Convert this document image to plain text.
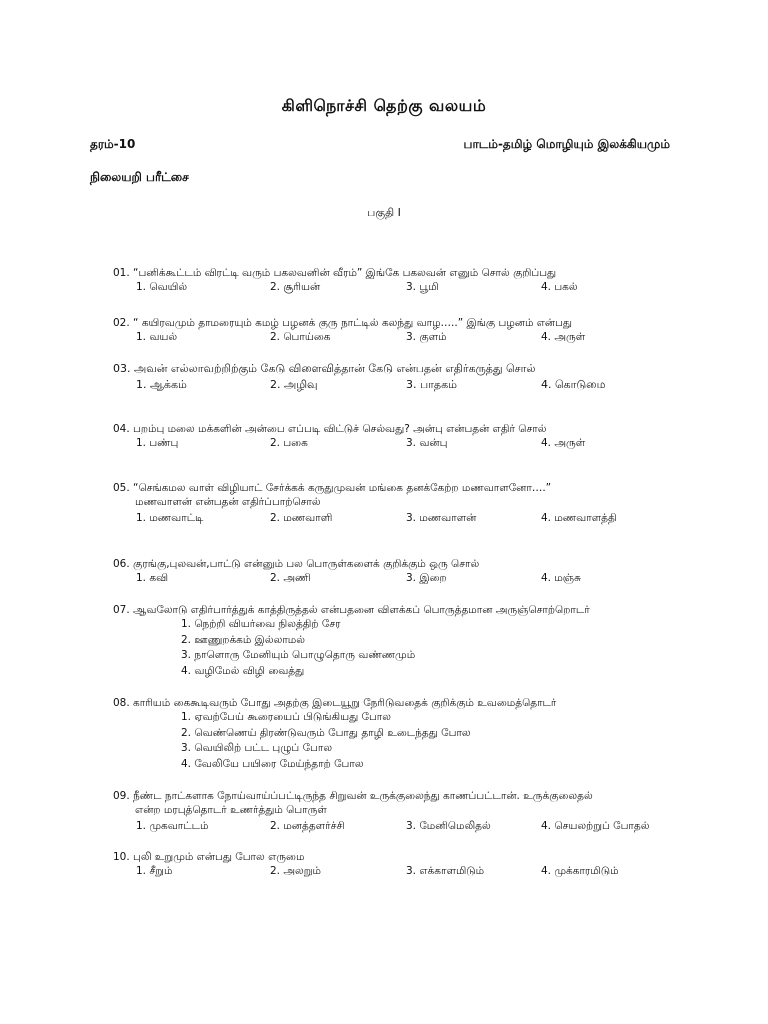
கிளிநொச்சி தெற்கு வலயம்
தரம்-10	பாடம்-தமிழ் மொழியும் இலக்கியமும்
நிலையறி பரீட்சை
பகுதி I
01. “பனிக்கூட்டம் விரட்டி வரும் பகலவனின் வீரம்” இங்கே பகலவன் எனும் சொல் குறிப்பது
1. வெயில்	2. சூரியன்	3. பூமி	4. பகல்
02. “ கயிரவமும் தாமரையும் கமழ் பழனக் குரு நாட்டில் கலந்து வாழ…..” இங்கு பழனம் என்பது
1. வயல்	2. பொய்கை	3. குளம்	4. அருள்
03. அவன் எல்லாவற்றிற்கும் கேடு விளைவித்தான் கேடு என்பதன் எதிர்கருத்து சொல்
1. ஆக்கம்	2. அழிவு	3. பாதகம்	4. கொடுமை
04. பறம்பு மலை மக்களின் அன்பை எப்படி விட்டுச் செல்வது? அன்பு என்பதன் எதிர் சொல்
1. பண்பு	2. பகை	3. வன்பு	4. அருள்
05. “செங்கமல வாள் விழியாட் சேர்க்கக் கருதுமுவன் மங்கை தனக்கேற்ற மணவாளனோ….”
மணவாளன் என்பதன் எதிர்ப்பாற்சொல்
1. மணவாட்டி	2. மணவாளி	3. மணவாளன்	4. மணவாளத்தி
06. குரங்கு,புலவன்,பாட்டு என்னும் பல பொருள்களைக் குறிக்கும் ஒரு சொல்
1. கவி	2. அணி	3. இறை	4. மஞ்சு
07. ஆவலோடு எதிர்பார்த்துக் காத்திருத்தல் என்பதனை விளக்கப் பொருத்தமான அருஞ்சொற்றொடர்
1. நெற்றி வியர்வை நிலத்திற் சேர
2. ஊணுறக்கம் இல்லாமல்
3. நாளொரு மேனியும் பொழுதொரு வண்ணமும்
4. வழிமேல் விழி வைத்து
08. காரியம் கைகூடிவரும் போது அதற்கு இடையூறு நேரிடுவதைக் குறிக்கும் உவமைத்தொடர்
1. ஏவற்பேய் கூரையைப் பிடுங்கியது போல
2. வெண்ணெய் திரண்டுவரும் போது தாழி உடைந்தது போல
3. வெயிலிற் பட்ட புழுப் போல
4. வேலியே பயிரை மேய்ந்தாற் போல
09. நீண்ட நாட்களாக நோய்வாய்ப்பட்டிருந்த சிறுவன் உருக்குலைந்து காணப்பட்டான். உருக்குலைதல்
என்ற மரபுத்தொடர் உணர்த்தும் பொருள்
1. முகவாட்டம்	2. மனத்தளர்ச்சி	3. மேனிமெலிதல்	4. செயலற்றுப் போதல்
10. புலி உறுமும் என்பது போல எருமை
1. சீறும்	2. அலறும்	3. எக்காளமிடும்	4. முக்காரமிடும்
